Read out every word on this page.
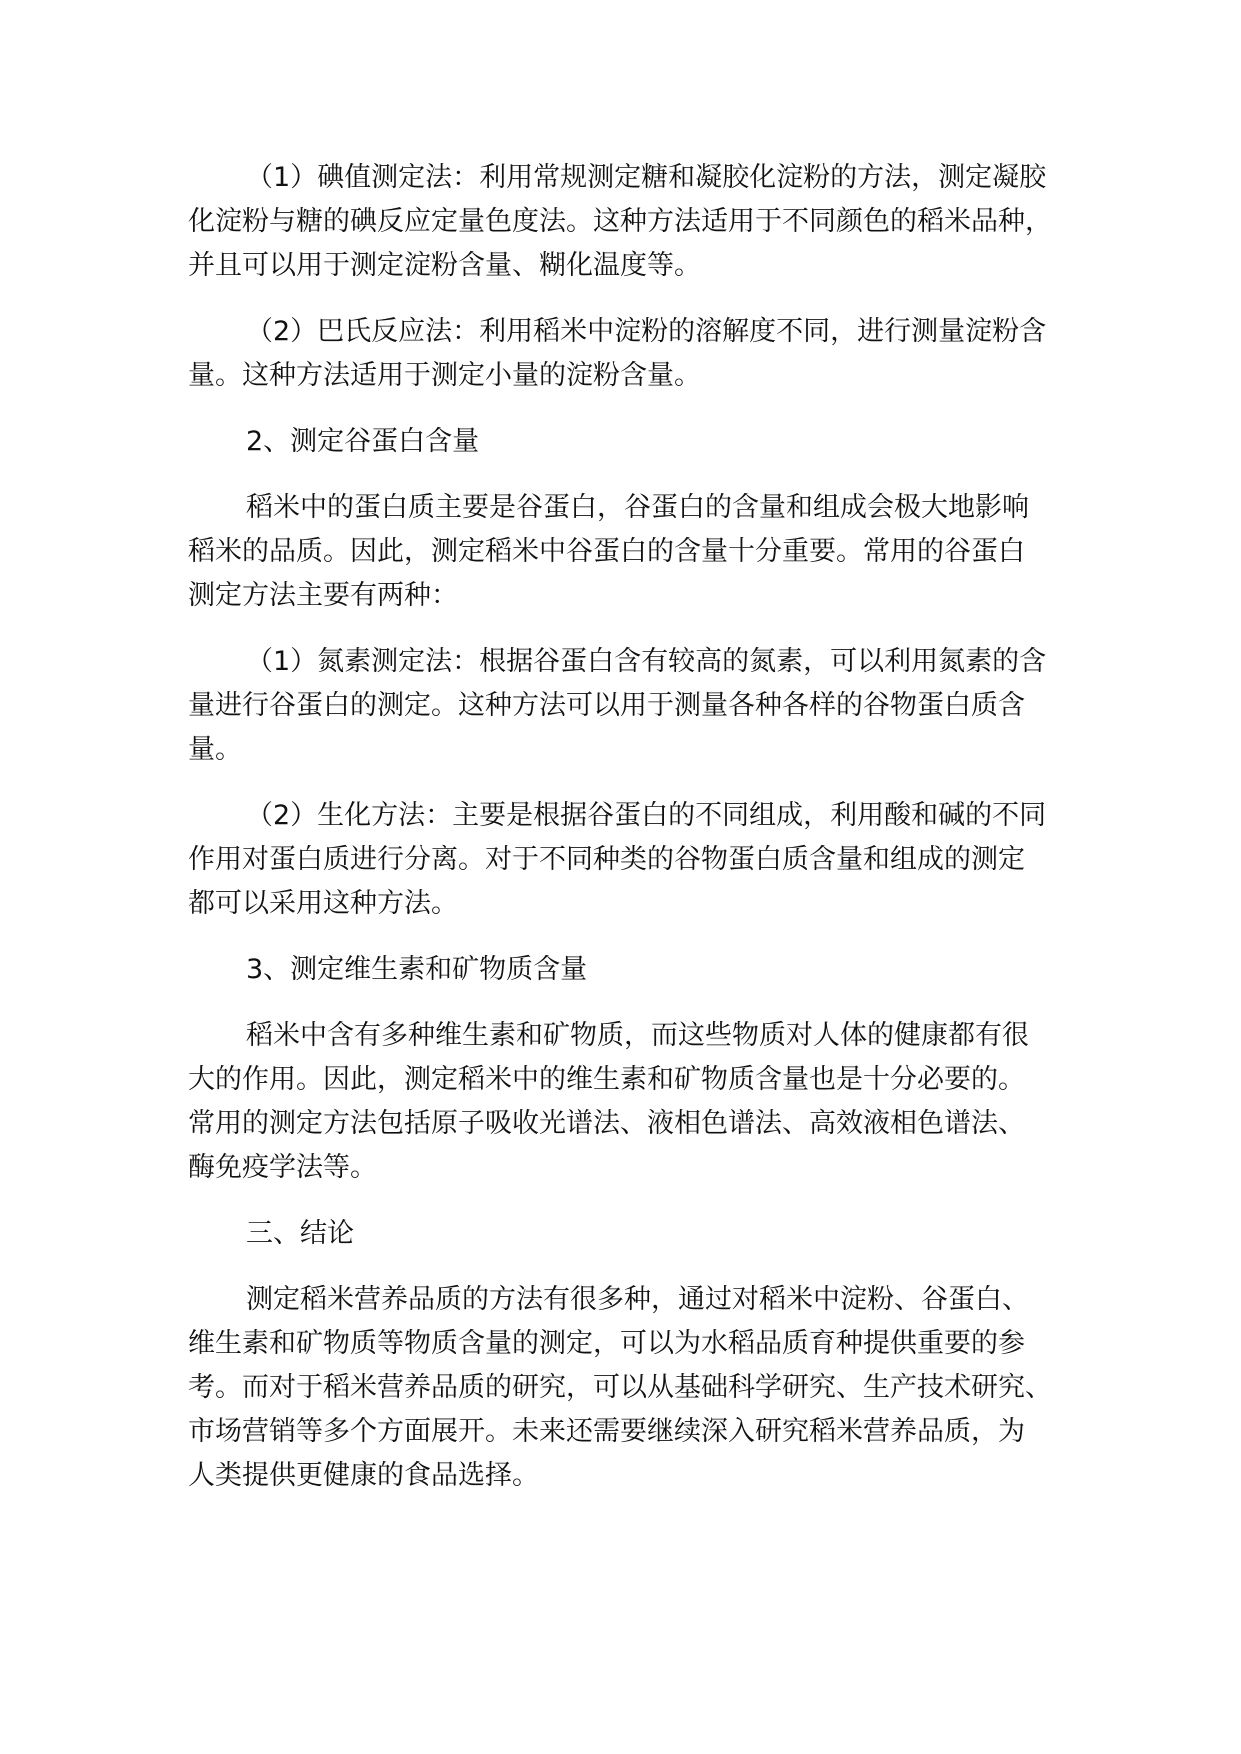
（1）碘值测定法：利用常规测定糖和凝胶化淀粉的方法，测定凝胶
化淀粉与糖的碘反应定量色度法。这种方法适用于不同颜色的稻米品种，
并且可以用于测定淀粉含量、糊化温度等。
（2）巴氏反应法：利用稻米中淀粉的溶解度不同，进行测量淀粉含
量。这种方法适用于测定小量的淀粉含量。
2、测定谷蛋白含量
稻米中的蛋白质主要是谷蛋白，谷蛋白的含量和组成会极大地影响
稻米的品质。因此，测定稻米中谷蛋白的含量十分重要。常用的谷蛋白
测定方法主要有两种：
（1）氮素测定法：根据谷蛋白含有较高的氮素，可以利用氮素的含
量进行谷蛋白的测定。这种方法可以用于测量各种各样的谷物蛋白质含
量。
（2）生化方法：主要是根据谷蛋白的不同组成，利用酸和碱的不同
作用对蛋白质进行分离。对于不同种类的谷物蛋白质含量和组成的测定
都可以采用这种方法。
3、测定维生素和矿物质含量
稻米中含有多种维生素和矿物质，而这些物质对人体的健康都有很
大的作用。因此，测定稻米中的维生素和矿物质含量也是十分必要的。
常用的测定方法包括原子吸收光谱法、液相色谱法、高效液相色谱法、
酶免疫学法等。
三、结论
测定稻米营养品质的方法有很多种，通过对稻米中淀粉、谷蛋白、
维生素和矿物质等物质含量的测定，可以为水稻品质育种提供重要的参
考。而对于稻米营养品质的研究，可以从基础科学研究、生产技术研究、
市场营销等多个方面展开。未来还需要继续深入研究稻米营养品质，为
人类提供更健康的食品选择。
